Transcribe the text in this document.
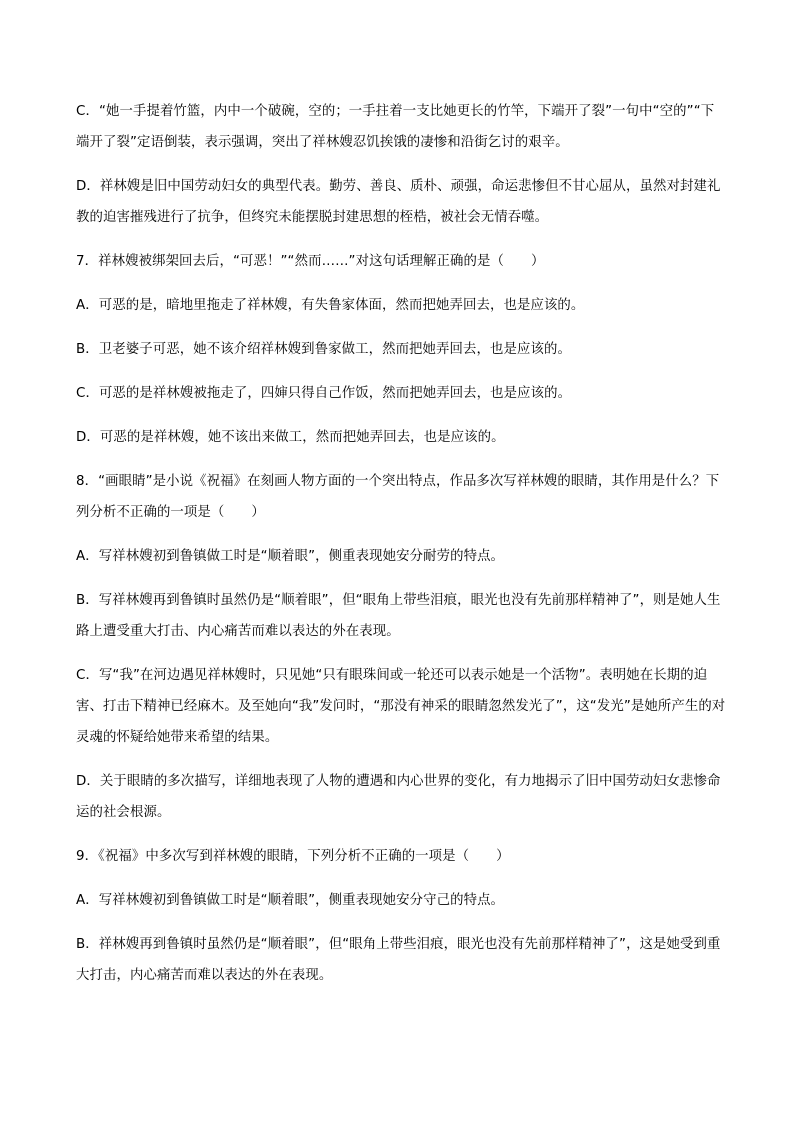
C．“她一手提着竹篮，内中一个破碗，空的；一手拄着一支比她更长的竹竿，下端开了裂”一句中“空的”“下端开了裂”定语倒装，表示强调，突出了祥林嫂忍饥挨饿的凄惨和沿街乞讨的艰辛。

D．祥林嫂是旧中国劳动妇女的典型代表。勤劳、善良、质朴、顽强，命运悲惨但不甘心屈从，虽然对封建礼教的迫害摧残进行了抗争，但终究未能摆脱封建思想的桎梏，被社会无情吞噬。

7．祥林嫂被绑架回去后，“可恶！”“然而……”对这句话理解正确的是（　　）

A．可恶的是，暗地里拖走了祥林嫂，有失鲁家体面，然而把她弄回去，也是应该的。

B．卫老婆子可恶，她不该介绍祥林嫂到鲁家做工，然而把她弄回去，也是应该的。

C．可恶的是祥林嫂被拖走了，四婶只得自己作饭，然而把她弄回去，也是应该的。

D．可恶的是祥林嫂，她不该出来做工，然而把她弄回去，也是应该的。

8．“画眼睛”是小说《祝福》在刻画人物方面的一个突出特点，作品多次写祥林嫂的眼睛，其作用是什么？下列分析不正确的一项是（　　）

A．写祥林嫂初到鲁镇做工时是“顺着眼”，侧重表现她安分耐劳的特点。

B．写祥林嫂再到鲁镇时虽然仍是“顺着眼”，但“眼角上带些泪痕，眼光也没有先前那样精神了”，则是她人生路上遭受重大打击、内心痛苦而难以表达的外在表现。

C．写“我”在河边遇见祥林嫂时，只见她“只有眼珠间或一轮还可以表示她是一个活物”。表明她在长期的迫害、打击下精神已经麻木。及至她向“我”发问时，“那没有神采的眼睛忽然发光了”，这“发光”是她所产生的对灵魂的怀疑给她带来希望的结果。

D．关于眼睛的多次描写，详细地表现了人物的遭遇和内心世界的变化，有力地揭示了旧中国劳动妇女悲惨命运的社会根源。

9．《祝福》中多次写到祥林嫂的眼睛，下列分析不正确的一项是（　　）

A．写祥林嫂初到鲁镇做工时是“顺着眼”，侧重表现她安分守己的特点。

B．祥林嫂再到鲁镇时虽然仍是“顺着眼”，但“眼角上带些泪痕，眼光也没有先前那样精神了”，这是她受到重大打击，内心痛苦而难以表达的外在表现。
